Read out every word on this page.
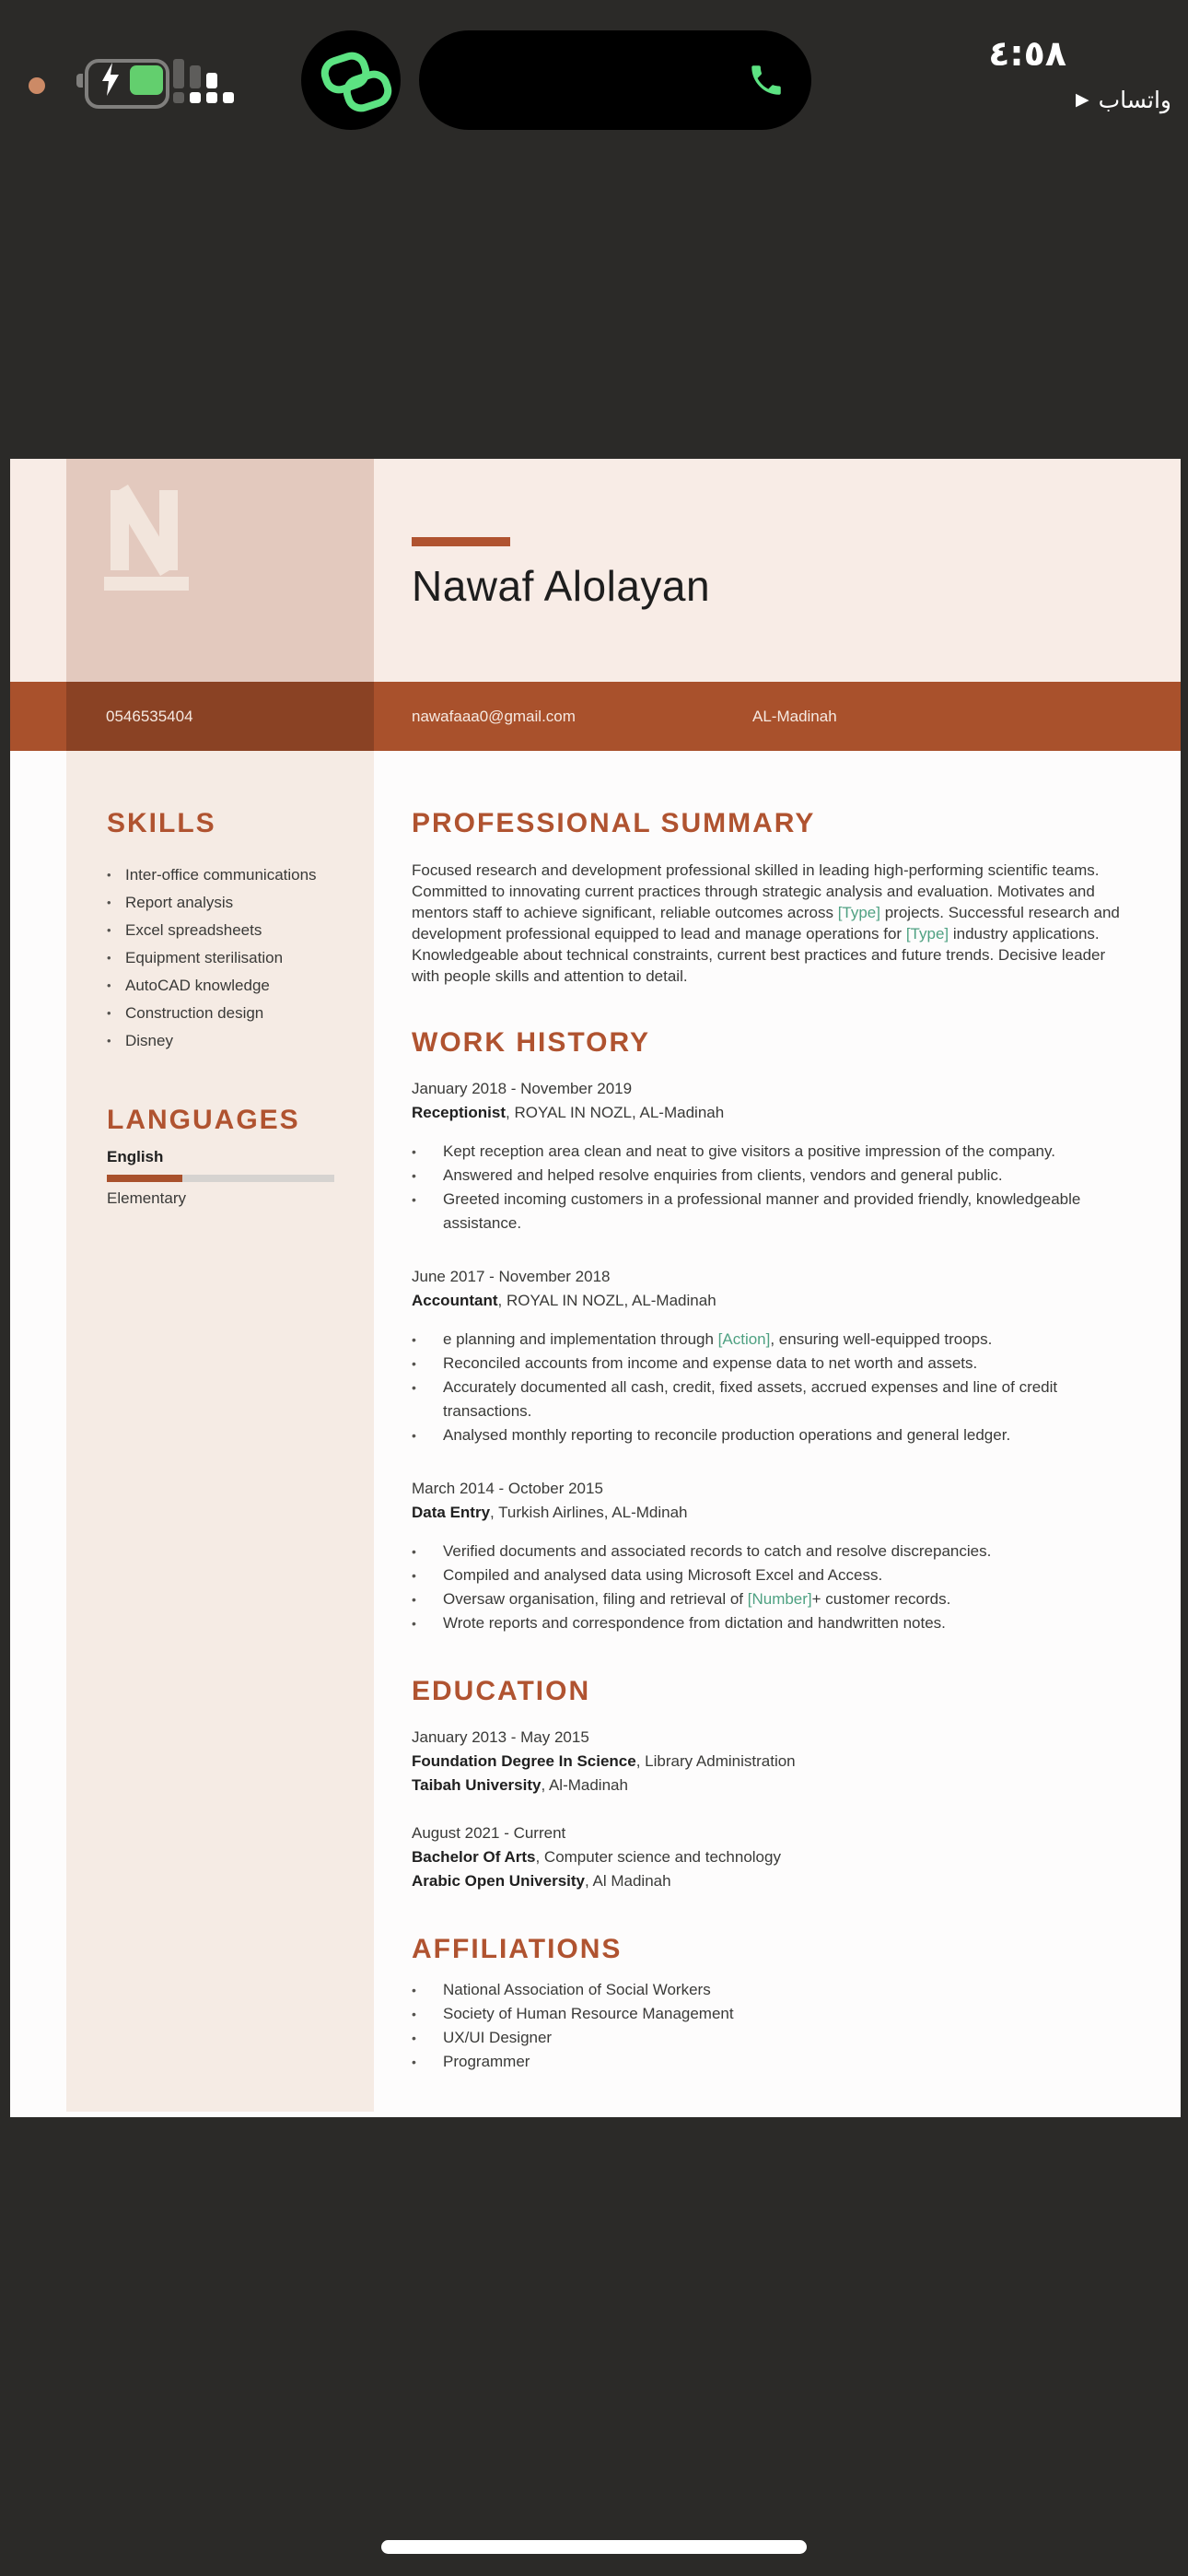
٤:٥٨
▶ واتساب
Nawaf Alolayan
0546535404	nawafaaa0@gmail.com	AL-Madinah
SKILLS
• Inter-office communications
• Report analysis
• Excel spreadsheets
• Equipment sterilisation
• AutoCAD knowledge
• Construction design
• Disney
LANGUAGES
English
Elementary
PROFESSIONAL SUMMARY

Focused research and development professional skilled in leading high-performing scientific teams. Committed to innovating current practices through strategic analysis and evaluation. Motivates and mentors staff to achieve significant, reliable outcomes across [Type] projects. Successful research and development professional equipped to lead and manage operations for [Type] industry applications. Knowledgeable about technical constraints, current best practices and future trends. Decisive leader with people skills and attention to detail.

WORK HISTORY
January 2018 - November 2019
Receptionist, ROYAL IN NOZL, AL-Madinah
•	Kept reception area clean and neat to give visitors a positive impression of the company.
•	Answered and helped resolve enquiries from clients, vendors and general public.
•	Greeted incoming customers in a professional manner and provided friendly, knowledgeable assistance.
June 2017 - November 2018
Accountant, ROYAL IN NOZL, AL-Madinah
•	e planning and implementation through [Action], ensuring well-equipped troops.
•	Reconciled accounts from income and expense data to net worth and assets.
•	Accurately documented all cash, credit, fixed assets, accrued expenses and line of credit transactions.
•	Analysed monthly reporting to reconcile production operations and general ledger.
March 2014 - October 2015
Data Entry, Turkish Airlines, AL-Mdinah
•	Verified documents and associated records to catch and resolve discrepancies.
•	Compiled and analysed data using Microsoft Excel and Access.
•	Oversaw organisation, filing and retrieval of [Number]+ customer records.
•	Wrote reports and correspondence from dictation and handwritten notes.
EDUCATION
January 2013 - May 2015
Foundation Degree In Science, Library Administration
Taibah University, Al-Madinah
August 2021 - Current
Bachelor Of Arts, Computer science and technology
Arabic Open University, Al Madinah
AFFILIATIONS
•	National Association of Social Workers
•	Society of Human Resource Management
•	UX/UI Designer
•	Programmer
